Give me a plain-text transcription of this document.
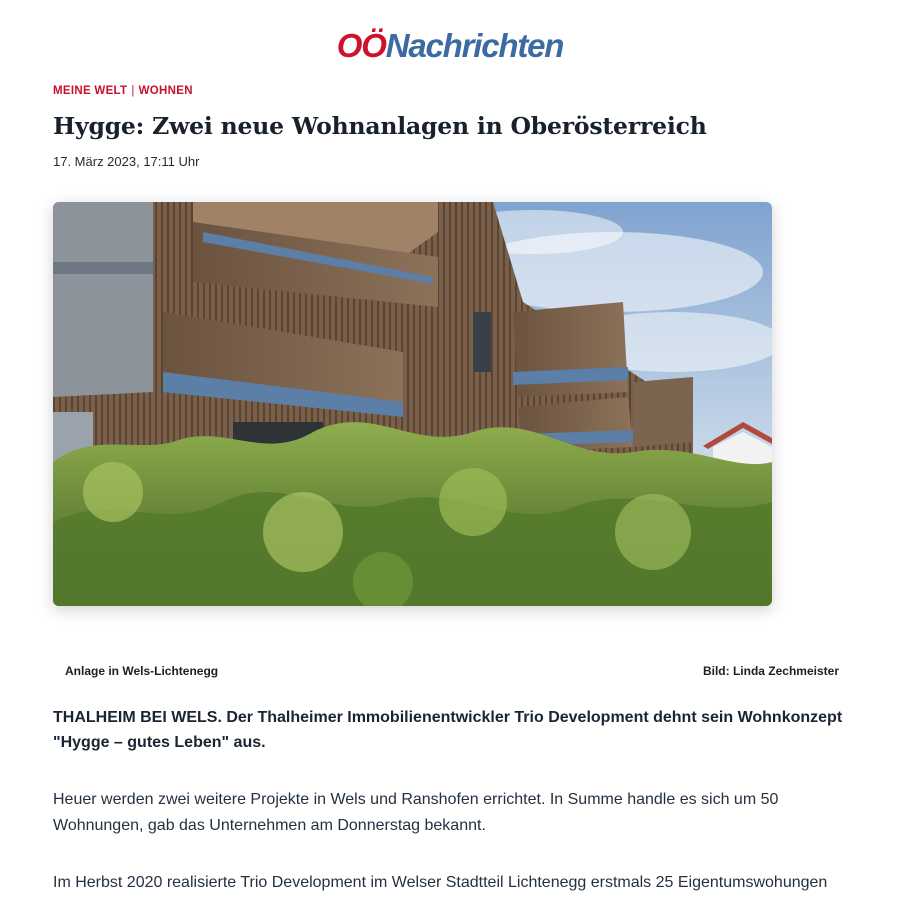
OÖNachrichten
MEINE WELT | WOHNEN
Hygge: Zwei neue Wohnanlagen in Oberösterreich
17. März 2023, 17:11 Uhr
Anlage in Wels-Lichtenegg	Bild: Linda Zechmeister

THALHEIM BEI WELS. Der Thalheimer Immobilienentwickler Trio Development dehnt sein Wohnkonzept "Hygge – gutes Leben" aus.

Heuer werden zwei weitere Projekte in Wels und Ranshofen errichtet. In Summe handle es sich um 50 Wohnungen, gab das Unternehmen am Donnerstag bekannt.

Im Herbst 2020 realisierte Trio Development im Welser Stadtteil Lichtenegg erstmals 25 Eigentumswohungen
